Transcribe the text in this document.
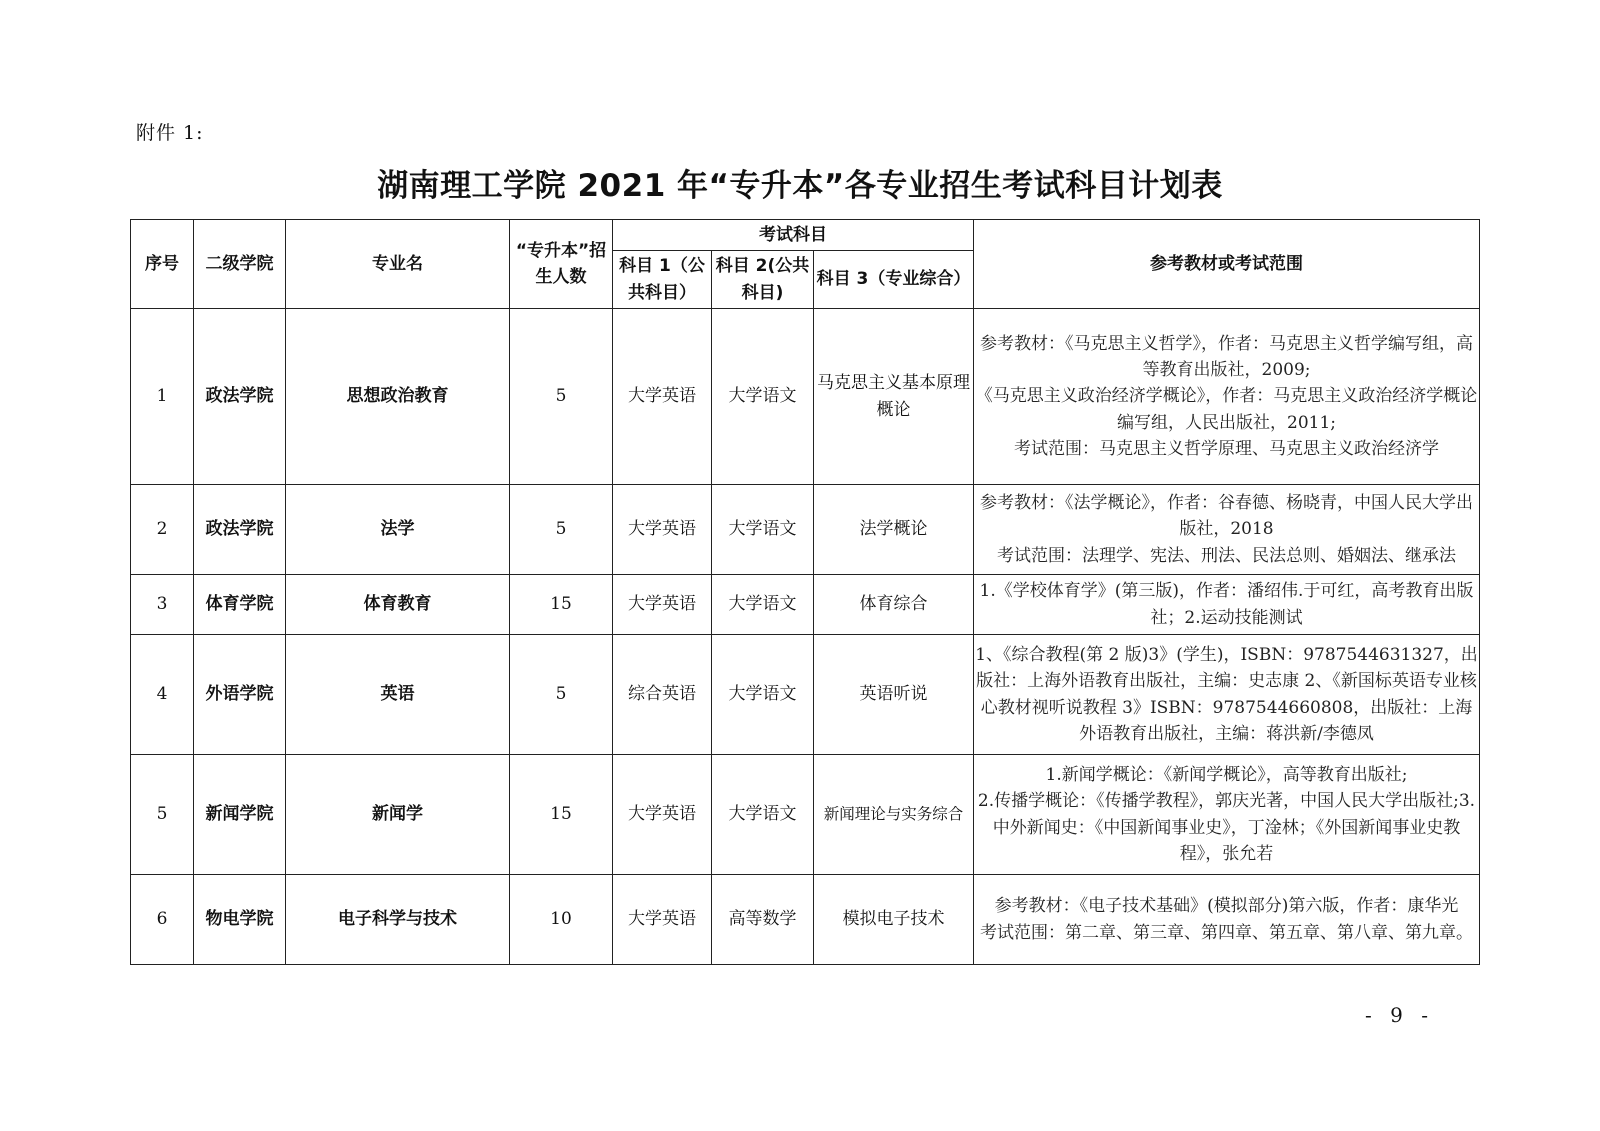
附件 1:
湖南理工学院 2021 年“专升本”各专业招生考试科目计划表
序号	二级学院	专业名	“专升本”招生人数	考试科目			参考教材或考试范围
				科目 1（公共科目）	科目 2(公共科目)	科目 3（专业综合）	
1	政法学院	思想政治教育	5	大学英语	大学语文	马克思主义基本原理概论	参考教材：《马克思主义哲学》，作者：马克思主义哲学编写组，高等教育出版社，2009;
《马克思主义政治经济学概论》，作者：马克思主义政治经济学概论编写组，人民出版社，2011;
考试范围：马克思主义哲学原理、马克思主义政治经济学

2	政法学院	法学	5	大学英语	大学语文	法学概论	参考教材：《法学概论》，作者：谷春德、杨晓青，中国人民大学出版社，2018
考试范围：法理学、宪法、刑法、民法总则、婚姻法、继承法

3	体育学院	体育教育	15	大学英语	大学语文	体育综合	1.《学校体育学》(第三版)，作者：潘绍伟.于可红，高考教育出版社；2.运动技能测试

4	外语学院	英语	5	综合英语	大学语文	英语听说	1、《综合教程(第 2 版)3》(学生)，ISBN：9787544631327，出版社：上海外语教育出版社，主编：史志康 2、《新国标英语专业核心教材视听说教程 3》ISBN：9787544660808，出版社：上海外语教育出版社，主编：蒋洪新/李德凤

5	新闻学院	新闻学	15	大学英语	大学语文	新闻理论与实务综合	1.新闻学概论：《新闻学概论》，高等教育出版社;
2.传播学概论：《传播学教程》，郭庆光著，中国人民大学出版社;3.中外新闻史：《中国新闻事业史》，丁淦林；《外国新闻事业史教程》，张允若

6	物电学院	电子科学与技术	10	大学英语	高等数学	模拟电子技术	参考教材：《电子技术基础》(模拟部分)第六版，作者：康华光
考试范围：第二章、第三章、第四章、第五章、第八章、第九章。
- 9 -
